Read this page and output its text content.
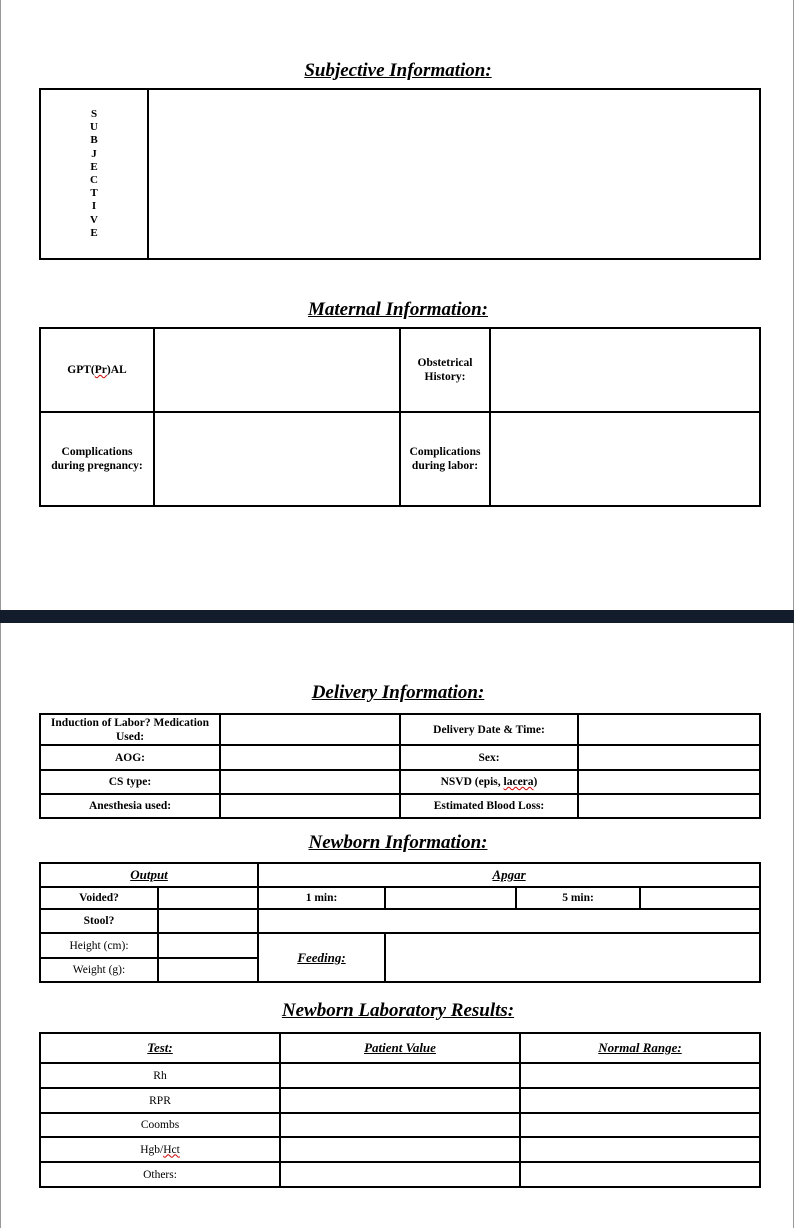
Subjective Information:
S
U
B
J
E
C
T
I
V
E

Maternal Information:
GPT(Pr)AL		Obstetrical History:	
Complications during pregnancy:		Complications during labor:	
Delivery Information:
Induction of Labor? Medication Used:		Delivery Date & Time:	
AOG:		Sex:	
CS type:		NSVD (epis, lacera)	
Anesthesia used:		Estimated Blood Loss:	
Newborn Information:
Output		Apgar			
Voided?		1 min:		5 min:	
Stool?					
Height (cm):		Feeding:			
Weight (g):					
Newborn Laboratory Results:
Test:	Patient Value	Normal Range:
Rh		
RPR		
Coombs		
Hgb/Hct		
Others:		
